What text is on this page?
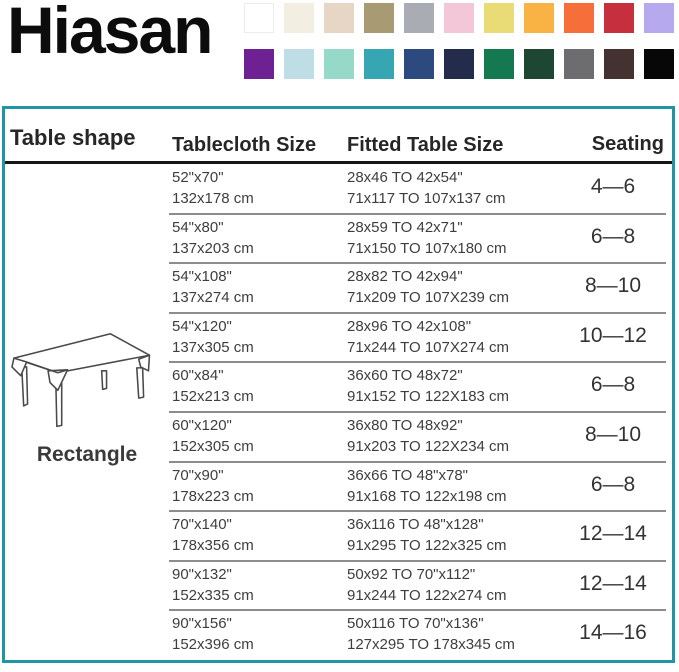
Hiasan
Table shape Tablecloth Size Fitted Table Size	Seating
52"x70"
132x178 cm
28x46 TO 42x54"
71x117 TO 107x137 cm
4—6
54"x80"
137x203 cm
28x59 TO 42x71"
71x150 TO 107x180 cm
6—8
54"x108"
137x274 cm
28x82 TO 42x94"
71x209 TO 107X239 cm
8—10
54"x120"
137x305 cm
28x96 TO 42x108"
71x244 TO 107X274 cm
10—12
60"x84"
152x213 cm
36x60 TO 48x72"
91x152 TO 122X183 cm
6—8
60"x120"
152x305 cm
36x80 TO 48x92"
91x203 TO 122X234 cm
8—10
70"x90"
178x223 cm
36x66 TO 48"x78"
91x168 TO 122x198 cm
6—8
70"x140"
178x356 cm
36x116 TO 48"x128"
91x295 TO 122x325 cm
12—14
90"x132"
152x335 cm
50x92 TO 70"x112"
91x244 TO 122x274 cm
12—14
90"x156"
152x396 cm
50x116 TO 70"x136"
127x295 TO 178x345 cm
14—16
Rectangle
